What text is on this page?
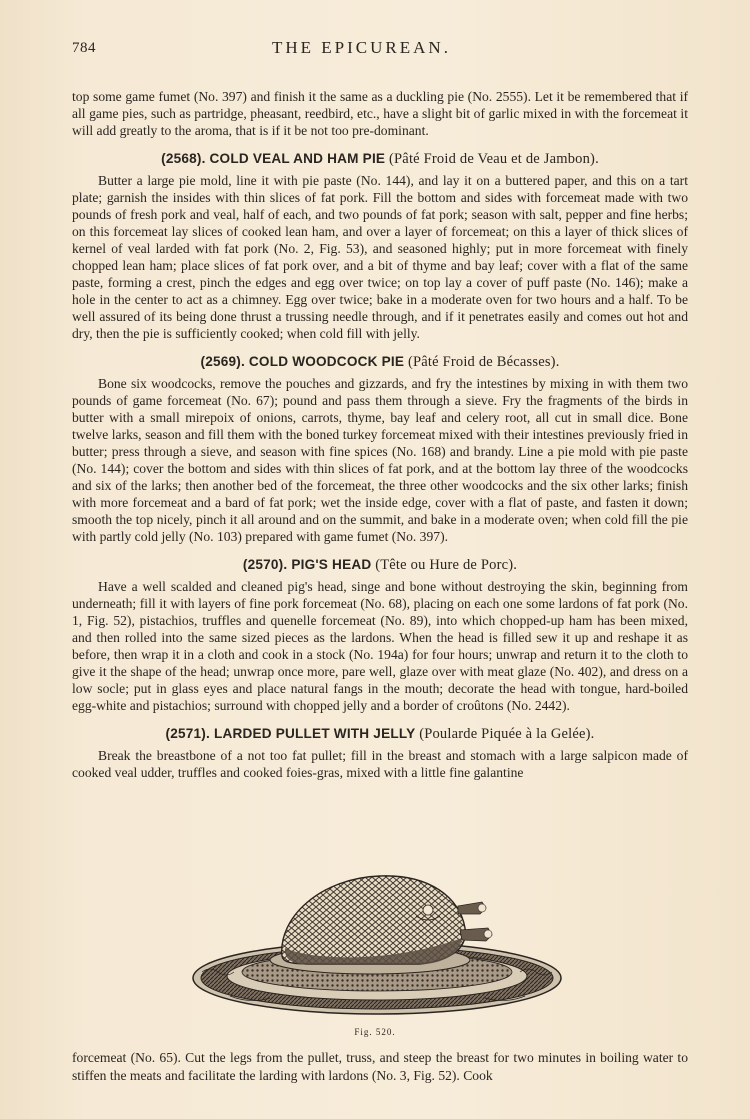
784	THE EPICUREAN.

top some game fumet (No. 397) and finish it the same as a duckling pie (No. 2555). Let it be remembered that if all game pies, such as partridge, pheasant, reedbird, etc., have a slight bit of garlic mixed in with the forcemeat it will add greatly to the aroma, that is if it be not too pre-dominant.

(2568). COLD VEAL AND HAM PIE (Pâté Froid de Veau et de Jambon).

Butter a large pie mold, line it with pie paste (No. 144), and lay it on a buttered paper, and this on a tart plate; garnish the insides with thin slices of fat pork. Fill the bottom and sides with forcemeat made with two pounds of fresh pork and veal, half of each, and two pounds of fat pork; season with salt, pepper and fine herbs; on this forcemeat lay slices of cooked lean ham, and over a layer of forcemeat; on this a layer of thick slices of kernel of veal larded with fat pork (No. 2, Fig. 53), and seasoned highly; put in more forcemeat with finely chopped lean ham; place slices of fat pork over, and a bit of thyme and bay leaf; cover with a flat of the same paste, forming a crest, pinch the edges and egg over twice; on top lay a cover of puff paste (No. 146); make a hole in the center to act as a chimney. Egg over twice; bake in a moderate oven for two hours and a half. To be well assured of its being done thrust a trussing needle through, and if it penetrates easily and comes out hot and dry, then the pie is sufficiently cooked; when cold fill with jelly.

(2569). COLD WOODCOCK PIE (Pâté Froid de Bécasses).

Bone six woodcocks, remove the pouches and gizzards, and fry the intestines by mixing in with them two pounds of game forcemeat (No. 67); pound and pass them through a sieve. Fry the fragments of the birds in butter with a small mirepoix of onions, carrots, thyme, bay leaf and celery root, all cut in small dice. Bone twelve larks, season and fill them with the boned turkey forcemeat mixed with their intestines previously fried in butter; press through a sieve, and season with fine spices (No. 168) and brandy. Line a pie mold with pie paste (No. 144); cover the bottom and sides with thin slices of fat pork, and at the bottom lay three of the woodcocks and six of the larks; then another bed of the forcemeat, the three other woodcocks and the six other larks; finish with more forcemeat and a bard of fat pork; wet the inside edge, cover with a flat of paste, and fasten it down; smooth the top nicely, pinch it all around and on the summit, and bake in a moderate oven; when cold fill the pie with partly cold jelly (No. 103) prepared with game fumet (No. 397).

(2570). PIG'S HEAD (Tête ou Hure de Porc).

Have a well scalded and cleaned pig's head, singe and bone without destroying the skin, beginning from underneath; fill it with layers of fine pork forcemeat (No. 68), placing on each one some lardons of fat pork (No. 1, Fig. 52), pistachios, truffles and quenelle forcemeat (No. 89), into which chopped-up ham has been mixed, and then rolled into the same sized pieces as the lardons. When the head is filled sew it up and reshape it as before, then wrap it in a cloth and cook in a stock (No. 194a) for four hours; unwrap and return it to the cloth to give it the shape of the head; unwrap once more, pare well, glaze over with meat glaze (No. 402), and dress on a low socle; put in glass eyes and place natural fangs in the mouth; decorate the head with tongue, hard-boiled egg-white and pistachios; surround with chopped jelly and a border of croûtons (No. 2442).

(2571). LARDED PULLET WITH JELLY (Poularde Piquée à la Gelée).

Break the breastbone of a not too fat pullet; fill in the breast and stomach with a large salpicon made of cooked veal udder, truffles and cooked foies-gras, mixed with a little fine galantine

Fig. 520.

forcemeat (No. 65). Cut the legs from the pullet, truss, and steep the breast for two minutes in boiling water to stiffen the meats and facilitate the larding with lardons (No. 3, Fig. 52). Cook
